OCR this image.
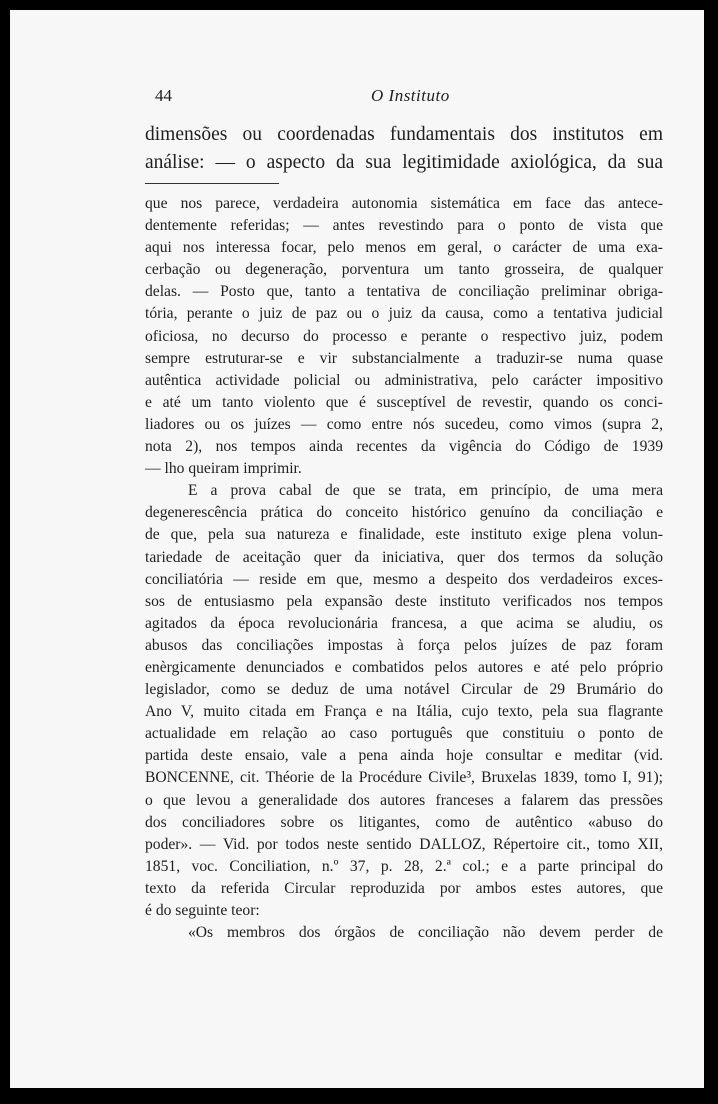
44	O Instituto

dimensões ou coordenadas fundamentais dos institutos em
análise: — o aspecto da sua legitimidade axiológica, da sua

que nos parece, verdadeira autonomia sistemática em face das antece-
dentemente referidas; — antes revestindo para o ponto de vista que
aqui nos interessa focar, pelo menos em geral, o carácter de uma exa-
cerbação ou degeneração, porventura um tanto grosseira, de qualquer
delas. — Posto que, tanto a tentativa de conciliação preliminar obriga-
tória, perante o juiz de paz ou o juiz da causa, como a tentativa judicial
oficiosa, no decurso do processo e perante o respectivo juiz, podem
sempre estruturar-se e vir substancialmente a traduzir-se numa quase
autêntica actividade policial ou administrativa, pelo carácter impositivo
e até um tanto violento que é susceptível de revestir, quando os conci-
liadores ou os juízes — como entre nós sucedeu, como vimos (supra 2,
nota 2), nos tempos ainda recentes da vigência do Código de 1939
— lho queiram imprimir.

E a prova cabal de que se trata, em princípio, de uma mera
degenerescência prática do conceito histórico genuíno da conciliação e
de que, pela sua natureza e finalidade, este instituto exige plena volun-
tariedade de aceitação quer da iniciativa, quer dos termos da solução
conciliatória — reside em que, mesmo a despeito dos verdadeiros exces-
sos de entusiasmo pela expansão deste instituto verificados nos tempos
agitados da época revolucionária francesa, a que acima se aludiu, os
abusos das conciliações impostas à força pelos juízes de paz foram
enèrgicamente denunciados e combatidos pelos autores e até pelo próprio
legislador, como se deduz de uma notável Circular de 29 Brumário do
Ano V, muito citada em França e na Itália, cujo texto, pela sua flagrante
actualidade em relação ao caso português que constituiu o ponto de
partida deste ensaio, vale a pena ainda hoje consultar e meditar (vid.
BONCENNE, cit. Théorie de la Procédure Civile³, Bruxelas 1839, tomo I, 91);
o que levou a generalidade dos autores franceses a falarem das pressões
dos conciliadores sobre os litigantes, como de autêntico «abuso do
poder». — Vid. por todos neste sentido DALLOZ, Répertoire cit., tomo XII,
1851, voc. Conciliation, n.º 37, p. 28, 2.ª col.; e a parte principal do
texto da referida Circular reproduzida por ambos estes autores, que
é do seguinte teor:

«Os membros dos órgãos de conciliação não devem perder de
